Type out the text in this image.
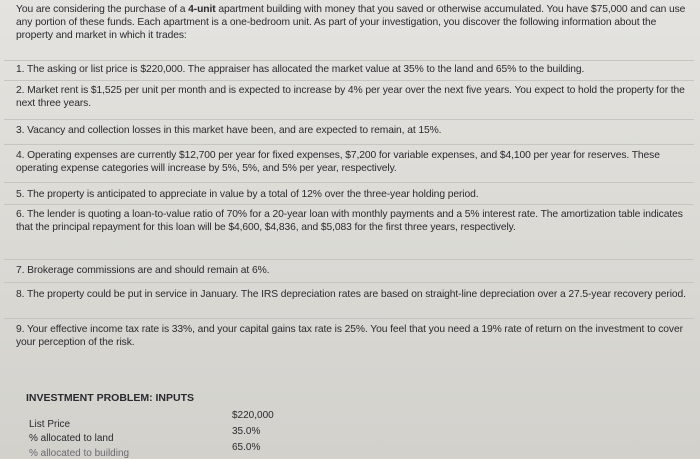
You are considering the purchase of a 4-unit apartment building with money that you saved or otherwise accumulated. You have $75,000 and can use any portion of these funds. Each apartment is a one-bedroom unit. As part of your investigation, you discover the following information about the property and market in which it trades:
1. The asking or list price is $220,000. The appraiser has allocated the market value at 35% to the land and 65% to the building.
2. Market rent is $1,525 per unit per month and is expected to increase by 4% per year over the next five years. You expect to hold the property for the next three years.
3. Vacancy and collection losses in this market have been, and are expected to remain, at 15%.
4. Operating expenses are currently $12,700 per year for fixed expenses, $7,200 for variable expenses, and $4,100 per year for reserves. These operating expense categories will increase by 5%, 5%, and 5% per year, respectively.
5. The property is anticipated to appreciate in value by a total of 12% over the three-year holding period.
6. The lender is quoting a loan-to-value ratio of 70% for a 20-year loan with monthly payments and a 5% interest rate. The amortization table indicates that the principal repayment for this loan will be $4,600, $4,836, and $5,083 for the first three years, respectively.
7. Brokerage commissions are and should remain at 6%.
8. The property could be put in service in January. The IRS depreciation rates are based on straight-line depreciation over a 27.5-year recovery period.
9. Your effective income tax rate is 33%, and your capital gains tax rate is 25%. You feel that you need a 19% rate of return on the investment to cover your perception of the risk.
INVESTMENT PROBLEM: INPUTS
List Price
$220,000
% allocated to land
35.0%
% allocated to building
65.0%
